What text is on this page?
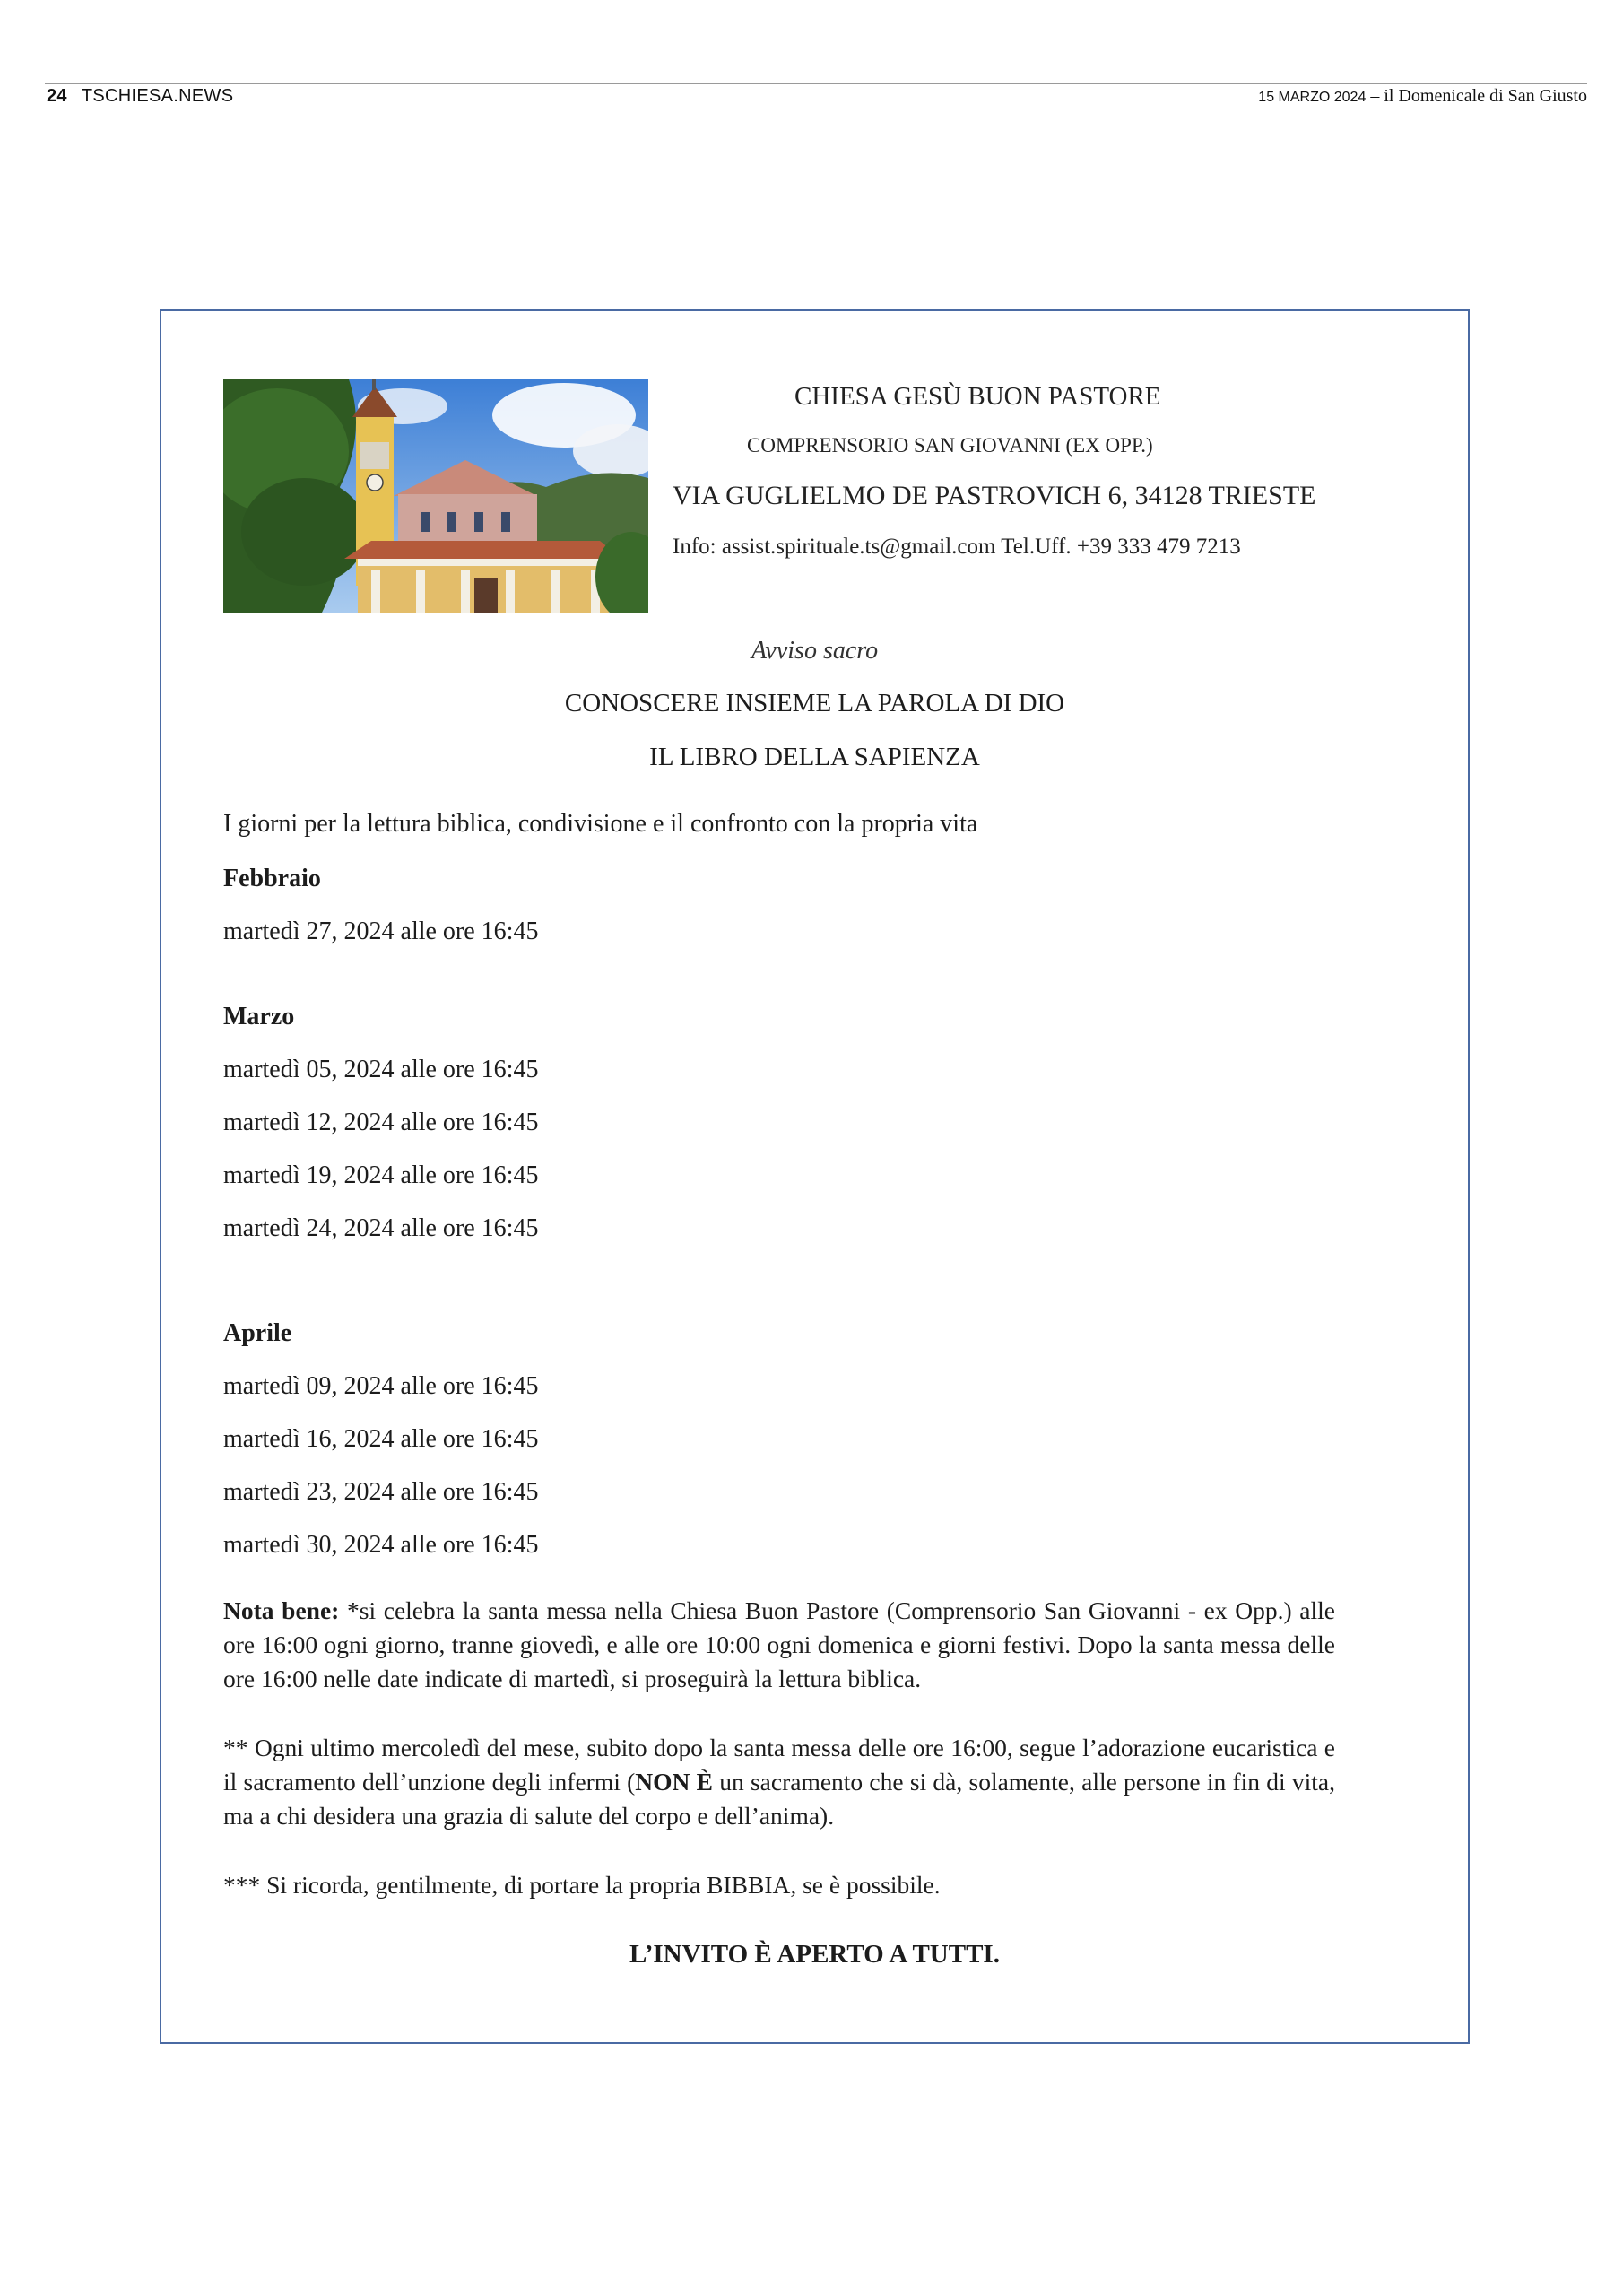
24 TSCHIESA.NEWS	15 MARZO 2024 – il Domenicale di San Giusto
CHIESA GESÙ BUON PASTORE
COMPRENSORIO SAN GIOVANNI (EX OPP.)
VIA GUGLIELMO DE PASTROVICH 6, 34128 TRIESTE
Info: assist.spirituale.ts@gmail.com Tel.Uff. +39 333 479 7213
Avviso sacro
CONOSCERE INSIEME LA PAROLA DI DIO
IL LIBRO DELLA SAPIENZA
I giorni per la lettura biblica, condivisione e il confronto con la propria vita
Febbraio
martedì 27, 2024 alle ore 16:45
Marzo
martedì 05, 2024 alle ore 16:45
martedì 12, 2024 alle ore 16:45
martedì 19, 2024 alle ore 16:45
martedì 24, 2024 alle ore 16:45
Aprile
martedì 09, 2024 alle ore 16:45
martedì 16, 2024 alle ore 16:45
martedì 23, 2024 alle ore 16:45
martedì 30, 2024 alle ore 16:45
Nota bene: *si celebra la santa messa nella Chiesa Buon Pastore (Comprensorio San Giovanni - ex Opp.) alle ore 16:00 ogni giorno, tranne giovedì, e alle ore 10:00 ogni domenica e giorni festivi. Dopo la santa messa delle ore 16:00 nelle date indicate di martedì, si proseguirà la lettura biblica.
** Ogni ultimo mercoledì del mese, subito dopo la santa messa delle ore 16:00, segue l’adorazione eucaristica e il sacramento dell’unzione degli infermi (NON È un sacramento che si dà, solamente, alle persone in fin di vita, ma a chi desidera una grazia di salute del corpo e dell’anima).
*** Si ricorda, gentilmente, di portare la propria BIBBIA, se è possibile.
L’INVITO È APERTO A TUTTI.
